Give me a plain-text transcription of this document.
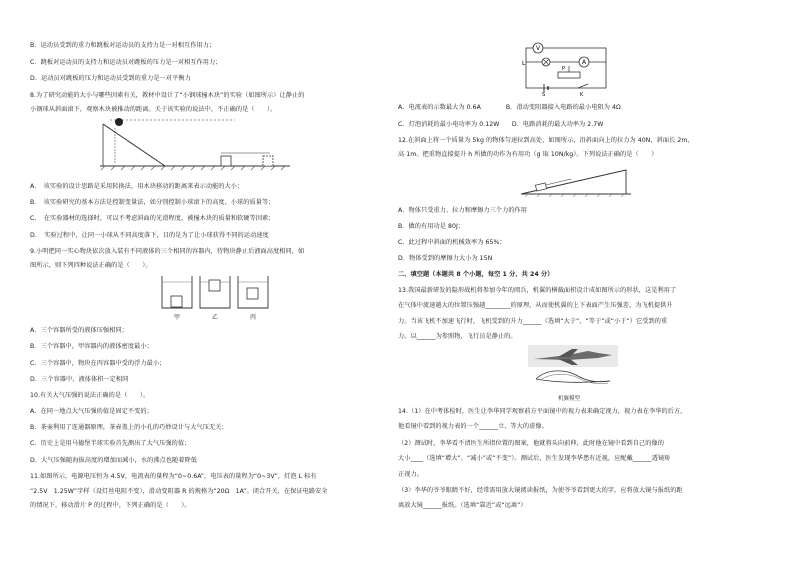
B．运动员受到的重力和跳板对运动员的支持力是一对相互作用力；
C．跳板对运动员的支持力和运动员对跳板的压力是一对相互作用力；
D．运动员对跳板的压力和运动员受到的重力是一对平衡力
8.为了研究动能的大小与哪些因素有关，教材中设计了“小钢球撞木块”的实验（如图所示）让静止的
小钢球从斜面滚下，观察木块被推动的距离。关于该实验的说法中，不正确的是（　　）。
A．　该实验的设计思路是采用转换法，用木块移动的距离来表示动能的大小；
B．　该实验研究的基本方法是控制变量法，如分别控制小球滚下的高度、小球的质量等；
C．　在实验器材的选择时，可以不考虑斜面的光滑程度，被撞木块的质量和软硬等因素；
D．　实验过程中，让同一小球从不同高度落下，目的是为了让小球获得不同的运动速度
9.小明把同一实心物块依次放入装有不同液体的三个相同的容器内，待物块静止后液面高度相同，如
图所示，则下列四种说法正确的是（　　）。
甲	乙	丙
A．三个容器所受的液体压强相同；
B．三个容器中，甲容器内的液体密度最小；
C．三个容器中，物块在丙容器中受的浮力最小；
D．三个容器中，液体体积一定相同
10.有关大气压强的说法正确的是（　　）。
A．在同一地点大气压强的值是固定不变的；
B．茶壶利用了连通器原理，茶壶盖上的小孔的巧妙设计与大气压无关；
C．历史上是用马德堡半球实验首先测出了大气压强的值；
D．大气压强随海拔高度的增加而减小，水的沸点也随着降低
11.如图所示，电源电压恒为 4.5V，电流表的量程为“0~0.6A”，电压表的量程为“0~3V”，灯泡 L 标有
“2.5V　1.25W”字样（设灯丝电阻不变），滑动变阻器 R 的规格为“20Ω　1A”。闭合开关，在保证电路安全
的情况下，移动滑片 P 的过程中，下列正确的是（　　）。
V
L	A
P
S	K
A．电流表的示数最大为 0.6A　　　　B．滑动变阻器接入电路的最小电阻为 4Ω
C．灯泡消耗的最小电功率为 0.12W　　D．电路消耗的最大功率为 2.7W
12.在斜面上将一个质量为 5kg 的物体匀速拉到高处，如图所示，沿斜面向上的拉力为 40N，斜面长 2m、
高 1m。把重物直接提升 h 所做的功作为有用功（g 取 10N/kg）。下列说法正确的是（　　）
A．物体只受重力、拉力和摩擦力三个力的作用
B．做的有用功是 80J；
C．此过程中斜面的机械效率为 65%；
D．物体受到的摩擦力大小为 15N
二、填空题（本题共 8 个小题，每空 1 分，共 24 分）
13.我国最新研发的隐形战机将参加今年的阅兵，机翼的横截面积设计成如图所示的形状，这是利用了
在气体中流速越大的位置压强越________的原理，从而使机翼的上下表面产生压强差，为飞机提供升
力。当该飞机不加速飞行时，飞机受到的升力______（选填“大于”、“等于”或“小于”）它受到的重
力。以______为参照物，飞行员是静止的。
机翼模型
14.（1）在中考体检时，医生让李华同学观察前方平面镜中的视力表来确定视力，视力表在李华的后方，
他看镜中看到的视力表的一个______立、等大的虚像。
（2）测试时，李华看不清医生所指位置的图案，他就将头向前伸，此时他在镜中看到自己的像的
大小____（选填“增大”、“减小”或“不变”）。测试后，医生发现李华患有近视，应配戴______透镜矫
正视力。
（3）李华的爷爷眼睛不好，经常需用放大镜阅读报纸，为使爷爷看到更大的字，应将放大镜与报纸的距
离放大镜______报纸。（选填“靠近”或“远离”）
